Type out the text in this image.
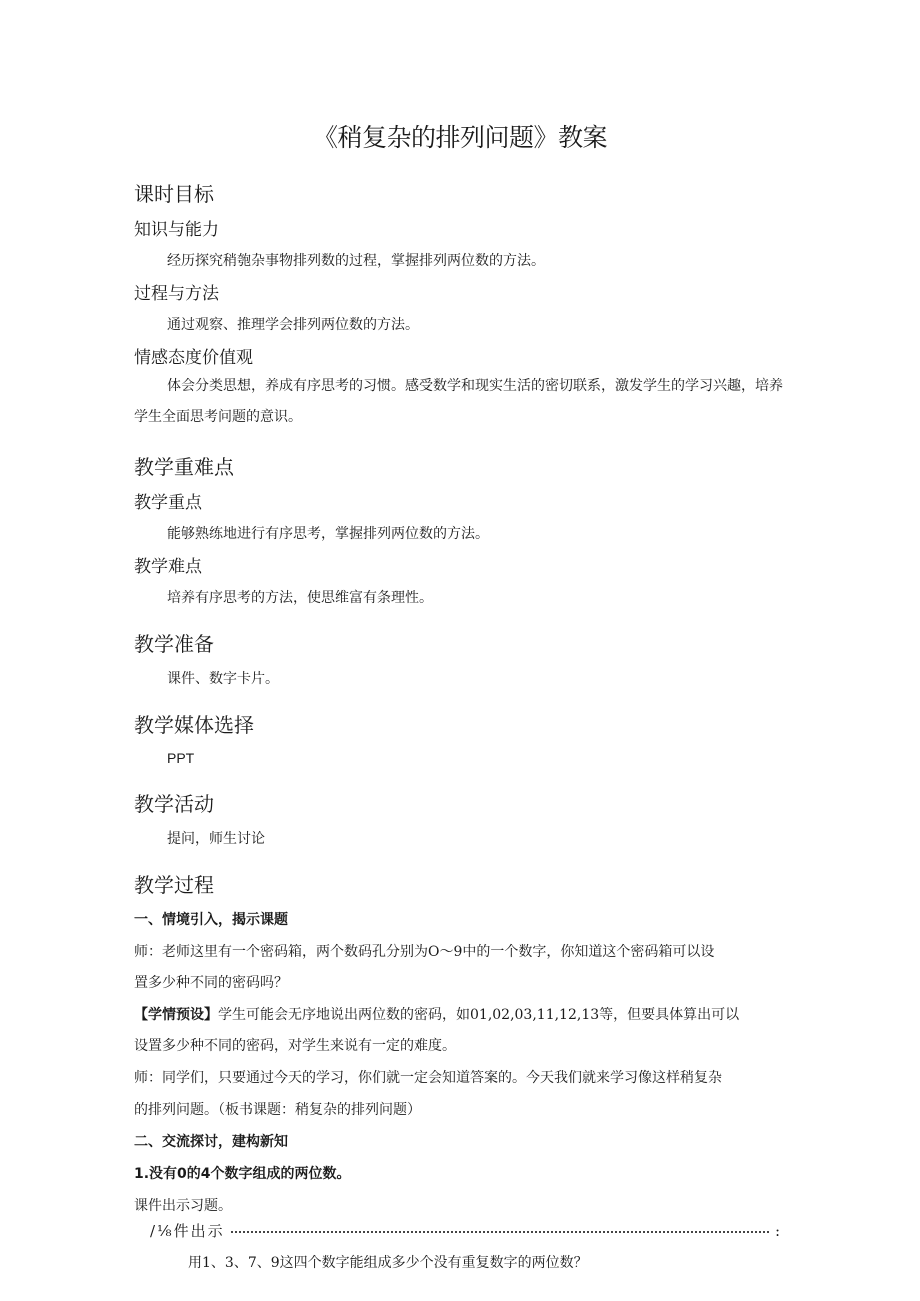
《稍复杂的排列问题》教案
课时目标
知识与能力
经历探究稍匏杂事物排列数的过程，掌握排列两位数的方法。
过程与方法
通过观察、推理学会排列两位数的方法。
情感态度价值观
体会分类思想，养成有序思考的习惯。感受数学和现实生活的密切联系，激发学生的学习兴趣，培养学生全面思考问题的意识。
教学重难点
教学重点
能够熟练地进行有序思考，掌握排列两位数的方法。
教学难点
培养有序思考的方法，使思维富有条理性。
教学准备
课件、数字卡片。
教学媒体选择
PPT
教学活动
提问，师生讨论
教学过程
一、情境引入，揭示课题
师：老师这里有一个密码箱，两个数码孔分别为O～9中的一个数字，你知道这个密码箱可以设
置多少种不同的密码吗？
【学情预设】学生可能会无序地说出两位数的密码，如01,02,03,11,12,13等，但要具体算出可以
设置多少种不同的密码，对学生来说有一定的难度。
师：同学们，只要通过今天的学习，你们就一定会知道答案的。今天我们就来学习像这样稍复杂
的排列问题。（板书课题：稍复杂的排列问题）
二、交流探讨，建构新知
1.没有0的4个数字组成的两位数。
课件出示习题。
/⅛件出示	:
用1、3、7、9这四个数字能组成多少个没有重复数字的两位数？
